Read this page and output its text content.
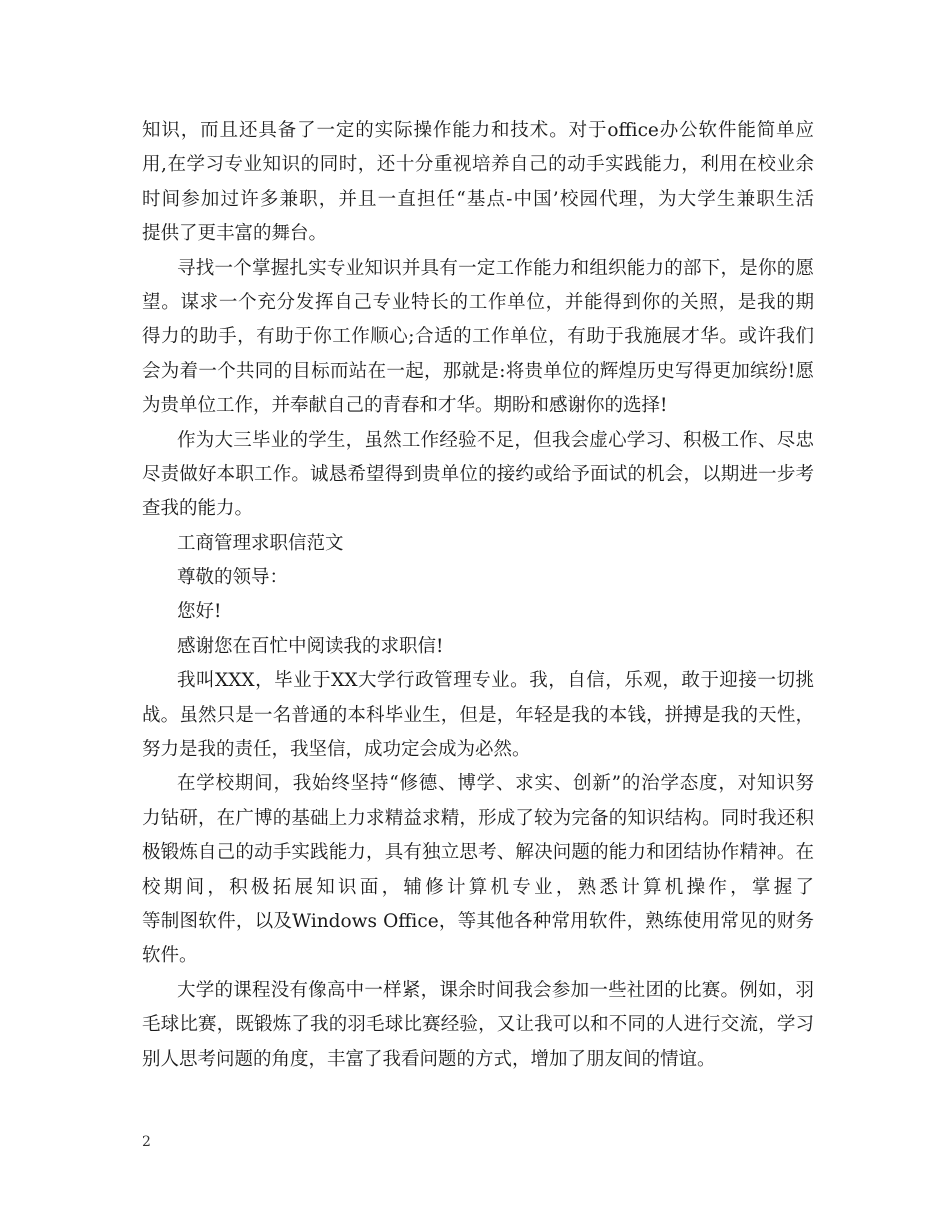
知识，而且还具备了一定的实际操作能力和技术。对于office办公软件能简单应
用,在学习专业知识的同时，还十分重视培养自己的动手实践能力，利用在校业余
时间参加过许多兼职，并且一直担任“基点-中国’校园代理，为大学生兼职生活
提供了更丰富的舞台。
寻找一个掌握扎实专业知识并具有一定工作能力和组织能力的部下，是你的愿
望。谋求一个充分发挥自己专业特长的工作单位，并能得到你的关照，是我的期
得力的助手，有助于你工作顺心;合适的工作单位，有助于我施展才华。或许我们
会为着一个共同的目标而站在一起，那就是:将贵单位的辉煌历史写得更加缤纷!愿
为贵单位工作，并奉献自己的青春和才华。期盼和感谢你的选择!
作为大三毕业的学生，虽然工作经验不足，但我会虚心学习、积极工作、尽忠
尽责做好本职工作。诚恳希望得到贵单位的接约或给予面试的机会，以期进一步考
查我的能力。
工商管理求职信范文
尊敬的领导：
您好!
感谢您在百忙中阅读我的求职信!
我叫XXX，毕业于XX大学行政管理专业。我，自信，乐观，敢于迎接一切挑
战。虽然只是一名普通的本科毕业生，但是，年轻是我的本钱，拼搏是我的天性，
努力是我的责任，我坚信，成功定会成为必然。
在学校期间，我始终坚持“修德、博学、求实、创新”的治学态度，对知识努
力钻研，在广博的基础上力求精益求精，形成了较为完备的知识结构。同时我还积
极锻炼自己的动手实践能力，具有独立思考、解决问题的能力和团结协作精神。在
校期间，积极拓展知识面，辅修计算机专业，熟悉计算机操作，掌握了
等制图软件，以及Windows Office，等其他各种常用软件，熟练使用常见的财务
软件。
大学的课程没有像高中一样紧，课余时间我会参加一些社团的比赛。例如，羽
毛球比赛，既锻炼了我的羽毛球比赛经验，又让我可以和不同的人进行交流，学习
别人思考问题的角度，丰富了我看问题的方式，增加了朋友间的情谊。
2
